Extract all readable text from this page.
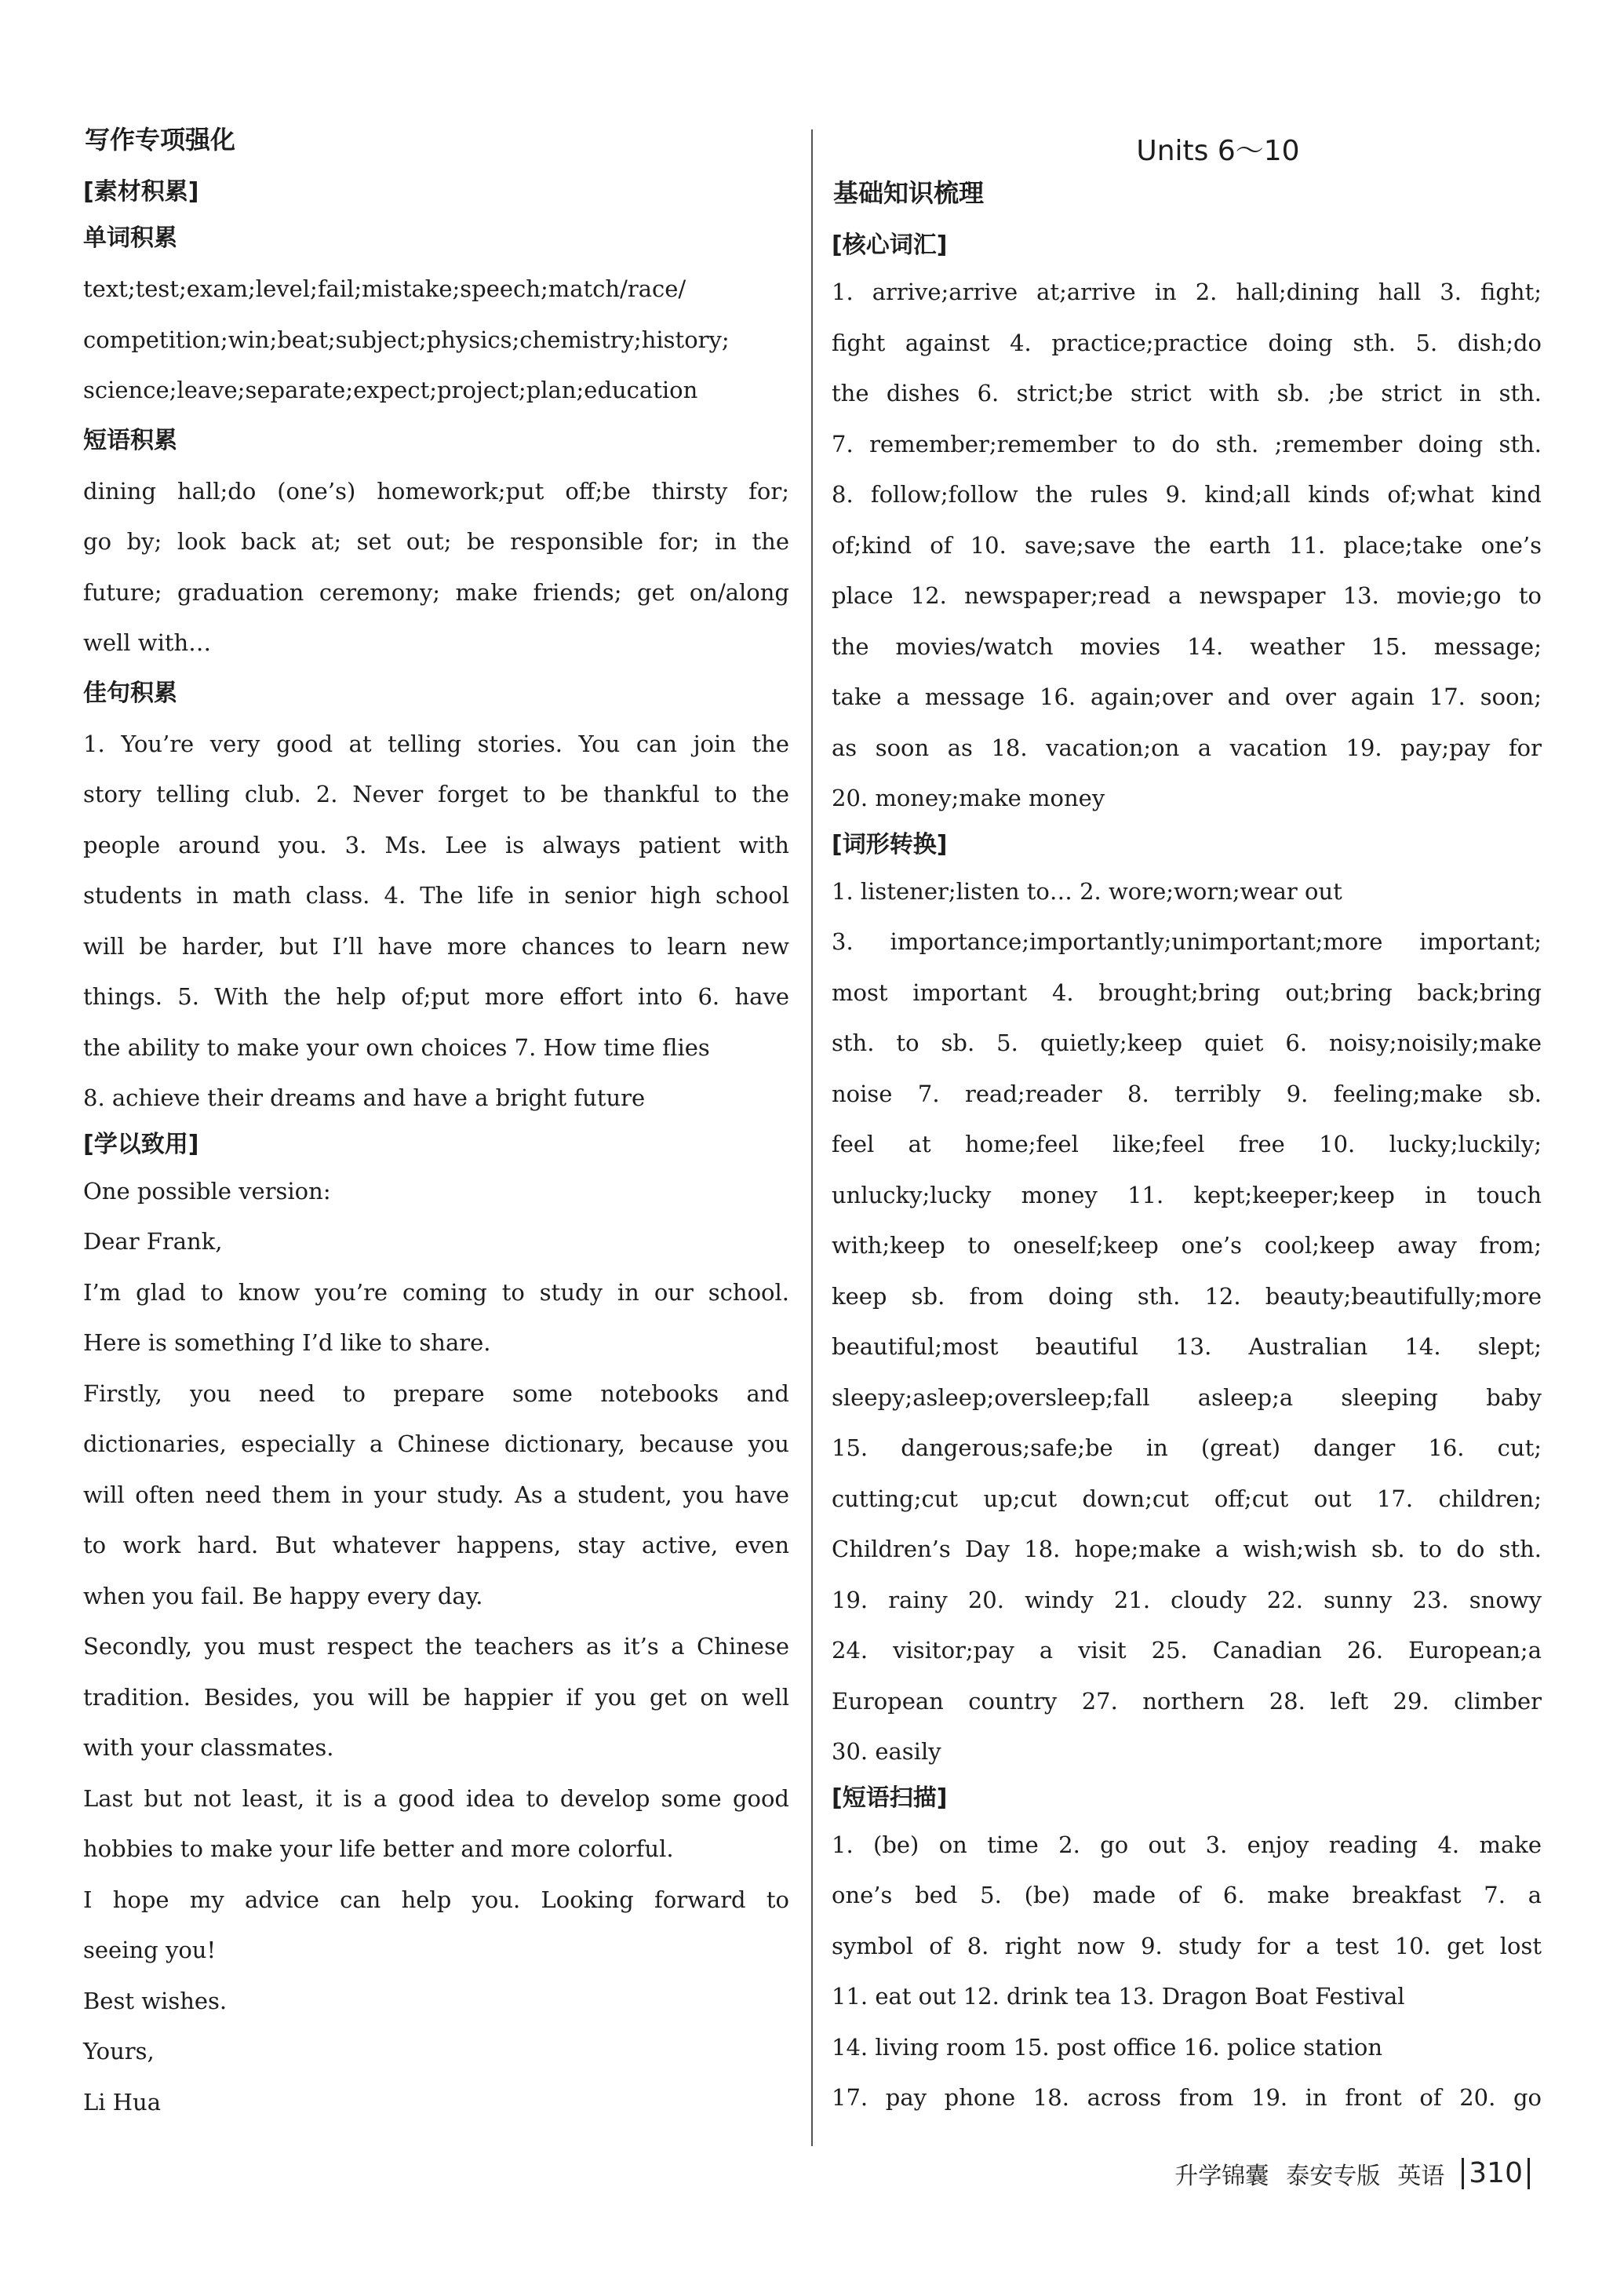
写作专项强化
[素材积累]
单词积累
text;test;exam;level;fail;mistake;speech;match/race/
competition;win;beat;subject;physics;chemistry;history;
science;leave;separate;expect;project;plan;education
短语积累
dining hall;do (one’s) homework;put off;be thirsty for;
go by; look back at; set out; be responsible for; in the
future; graduation ceremony; make friends; get on/along
well with…
佳句积累
1. You’re very good at telling stories. You can join the
story telling club. 2. Never forget to be thankful to the
people around you. 3. Ms. Lee is always patient with
students in math class. 4. The life in senior high school
will be harder, but I’ll have more chances to learn new
things. 5. With the help of;put more effort into 6. have
the ability to make your own choices 7. How time flies
8. achieve their dreams and have a bright future
[学以致用]
One possible version:
Dear Frank,
I’m glad to know you’re coming to study in our school.
Here is something I’d like to share.
Firstly, you need to prepare some notebooks and
dictionaries, especially a Chinese dictionary, because you
will often need them in your study. As a student, you have
to work hard. But whatever happens, stay active, even
when you fail. Be happy every day.
Secondly, you must respect the teachers as it’s a Chinese
tradition. Besides, you will be happier if you get on well
with your classmates.
Last but not least, it is a good idea to develop some good
hobbies to make your life better and more colorful.
I hope my advice can help you. Looking forward to
seeing you!
Best wishes.
Yours,
Li Hua
Units 6～10
基础知识梳理
[核心词汇]
1. arrive;arrive at;arrive in 2. hall;dining hall 3. fight;
fight against 4. practice;practice doing sth. 5. dish;do
the dishes 6. strict;be strict with sb. ;be strict in sth.
7. remember;remember to do sth. ;remember doing sth.
8. follow;follow the rules 9. kind;all kinds of;what kind
of;kind of 10. save;save the earth 11. place;take one’s
place 12. newspaper;read a newspaper 13. movie;go to
the movies/watch movies 14. weather 15. message;
take a message 16. again;over and over again 17. soon;
as soon as 18. vacation;on a vacation 19. pay;pay for
20. money;make money
[词形转换]
1. listener;listen to… 2. wore;worn;wear out
3. importance;importantly;unimportant;more important;
most important 4. brought;bring out;bring back;bring
sth. to sb. 5. quietly;keep quiet 6. noisy;noisily;make
noise 7. read;reader 8. terribly 9. feeling;make sb.
feel at home;feel like;feel free 10. lucky;luckily;
unlucky;lucky money 11. kept;keeper;keep in touch
with;keep to oneself;keep one’s cool;keep away from;
keep sb. from doing sth. 12. beauty;beautifully;more
beautiful;most beautiful 13. Australian 14. slept;
sleepy;asleep;oversleep;fall asleep;a sleeping baby
15. dangerous;safe;be in (great) danger 16. cut;
cutting;cut up;cut down;cut off;cut out 17. children;
Children’s Day 18. hope;make a wish;wish sb. to do sth.
19. rainy 20. windy 21. cloudy 22. sunny 23. snowy
24. visitor;pay a visit 25. Canadian 26. European;a
European country 27. northern 28. left 29. climber
30. easily
[短语扫描]
1. (be) on time 2. go out 3. enjoy reading 4. make
one’s bed 5. (be) made of 6. make breakfast 7. a
symbol of 8. right now 9. study for a test 10. get lost
11. eat out 12. drink tea 13. Dragon Boat Festival
14. living room 15. post office 16. police station
17. pay phone 18. across from 19. in front of 20. go
升学锦囊 泰安专版 英语 310
